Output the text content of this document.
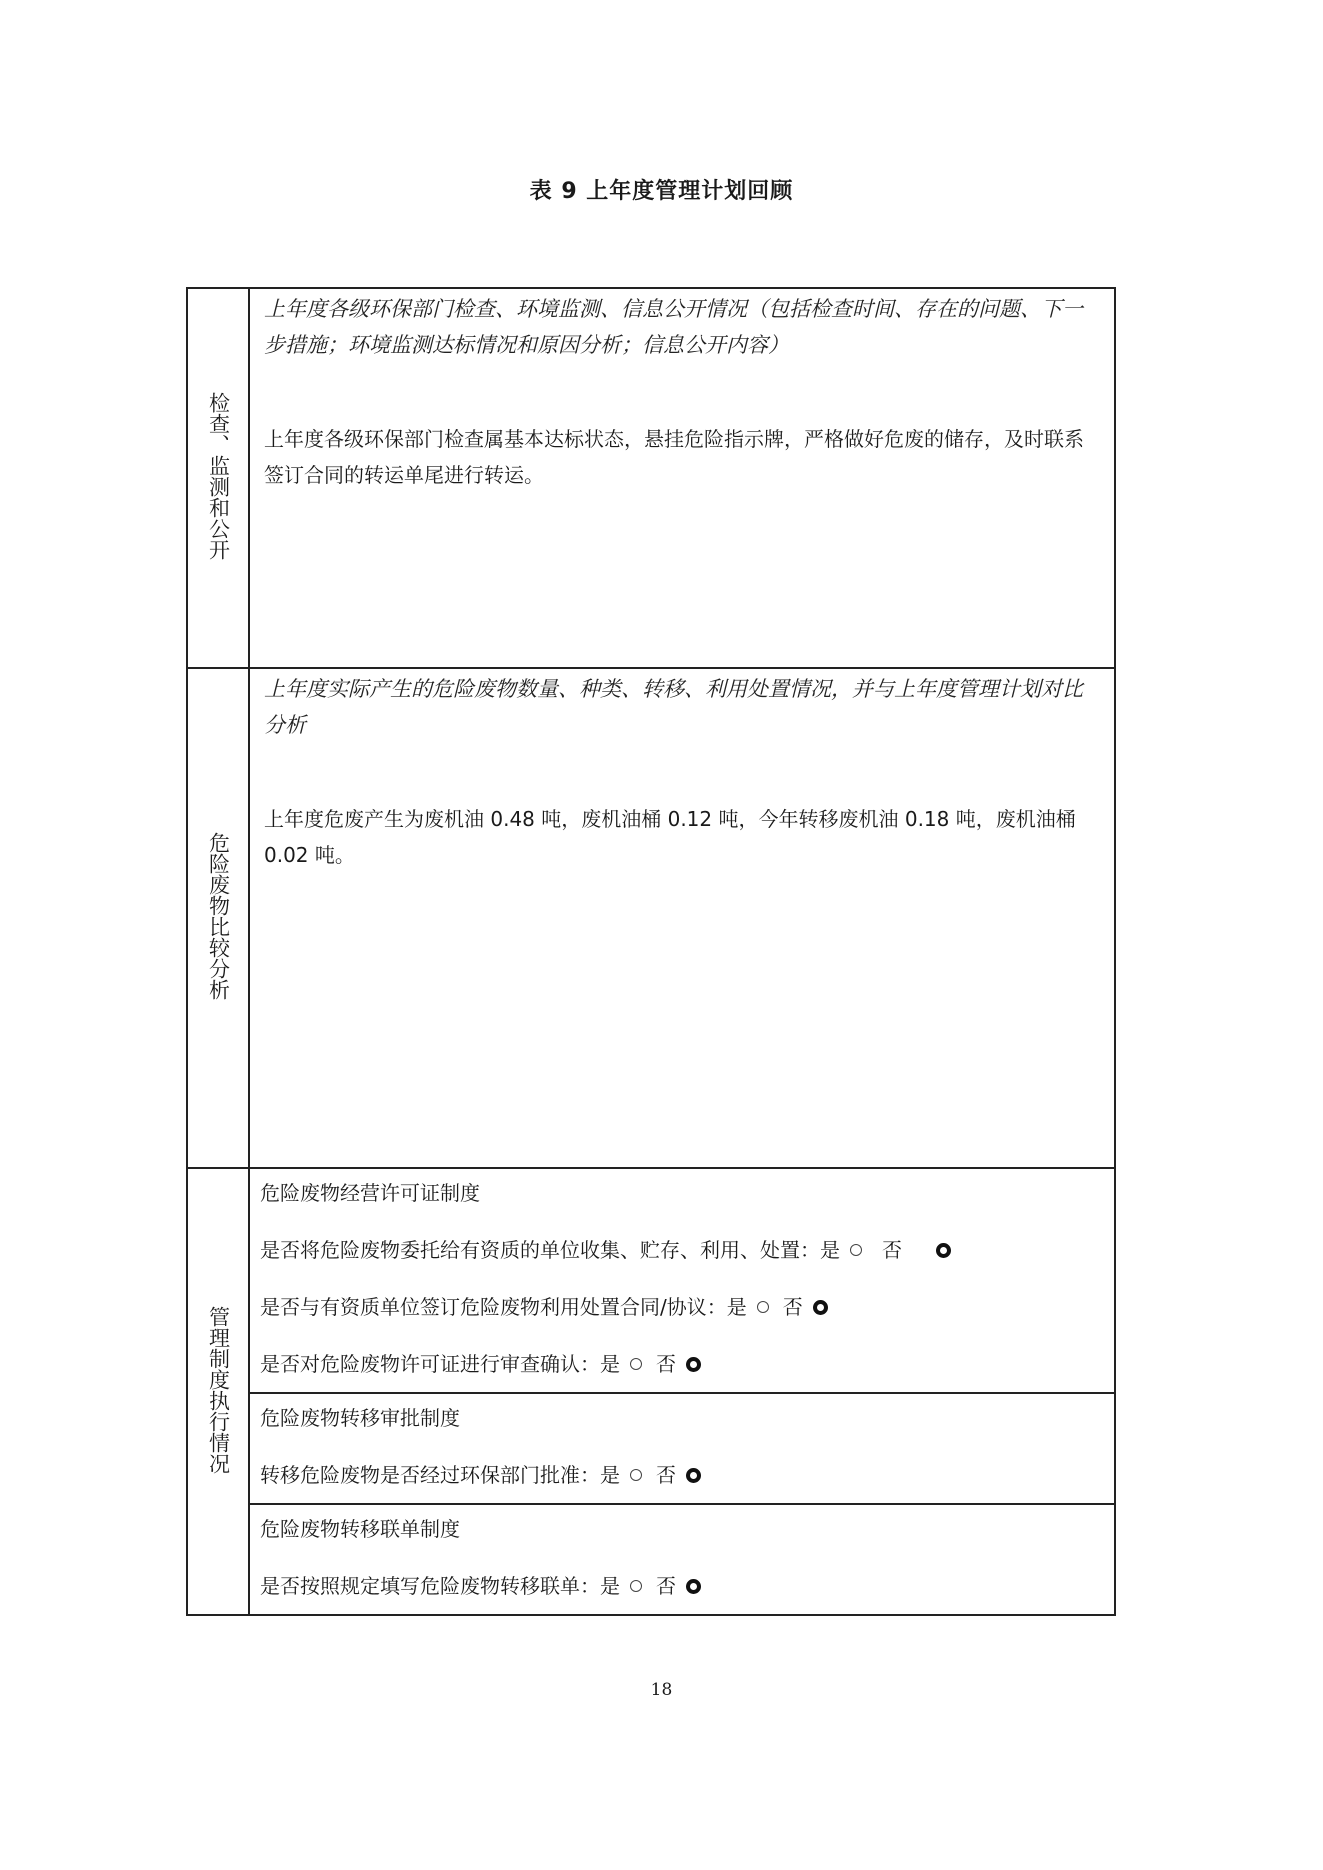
表 9 上年度管理计划回顾
检查、监测和公开	上年度各级环保部门检查、环境监测、信息公开情况（包括检查时间、存在的问题、下一步措施；环境监测达标情况和原因分析；信息公开内容）
上年度各级环保部门检查属基本达标状态，悬挂危险指示牌，严格做好危废的储存，及时联系签订合同的转运单尾进行转运。

危险废物比较分析	上年度实际产生的危险废物数量、种类、转移、利用处置情况，并与上年度管理计划对比分析
上年度危废产生为废机油 0.48 吨，废机油桶 0.12 吨，今年转移废机油 0.18 吨，废机油桶 0.02 吨。

管理制度执行情况	危险废物经营许可证制度
是否将危险废物委托给有资质的单位收集、贮存、利用、处置：是 否
是否与有资质单位签订危险废物利用处置合同/协议：是 否
是否对危险废物许可证进行审查确认：是 否

	危险废物转移审批制度
转移危险废物是否经过环保部门批准：是 否

	危险废物转移联单制度
是否按照规定填写危险废物转移联单：是 否
18
